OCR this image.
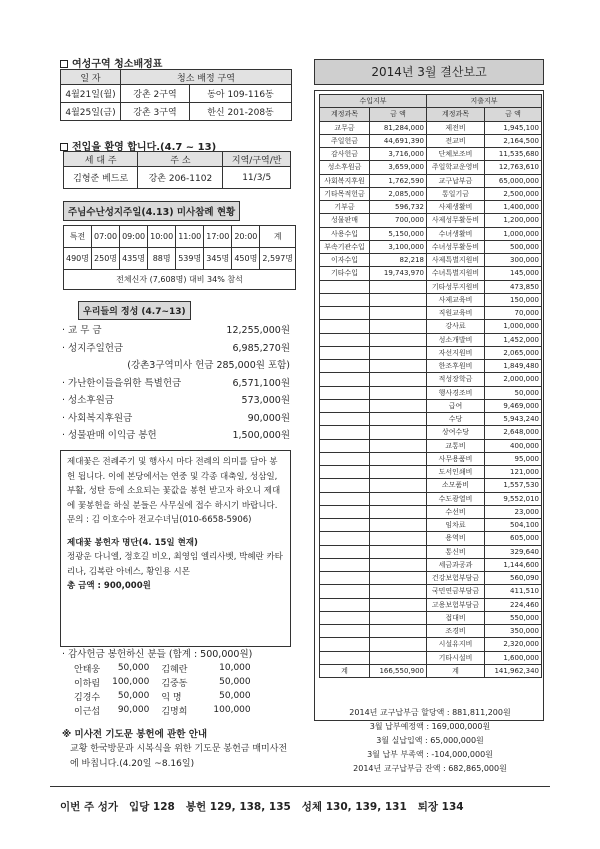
여성구역 청소배정표
일 자	청소 배정 구역	
4월21일(월)	강촌 2구역	동아 109-116동
4월25일(금)	강촌 3구역	한신 201-208동
전입을 환영 합니다.(4.7 ~ 13)
세 대 주	주 소	지역/구역/반
김형준 베드로	강촌 206-1102	11/3/5
주님수난성지주일(4.13) 미사참례 현황
특전	07:00	09:00	10:00	11:00	17:00	20:00	계
490명	250명	435명	88명	539명	345명	450명	2,597명
전체신자 (7,608명) 대비 34% 참석							
우리들의 정성 (4.7~13)
· 교 무 금	12,255,000원
· 성지주일헌금	6,985,270원
(강촌3구역미사 헌금 285,000원 포함)
· 가난한이들을위한 특별헌금	6,571,100원
· 성소후원금	573,000원
· 사회복지후원금	90,000원
· 성물판매 이익금 봉헌	1,500,000원
제대꽃은 전례주기 및 행사시 마다 전례의 의미를 담아 봉헌 됩니다. 이에 본당에서는 연중 및 각종 대축일, 성삼일, 부활, 성탄 등에 소요되는 꽃값을 봉헌 받고자 하오니 제대에 꽃봉헌을 하실 분들은 사무실에 접수 하시기 바랍니다.
문의 : 김 이호수아 전교수녀님(010-6658-5906)
제대꽃 봉헌자 명단(4. 15일 현재)
정광운 다니엘, 정호길 비오, 최영임 엘리사벳, 박혜란 카타리나, 김복란 아녜스, 황인용 시몬
총 금액 : 900,000원
· 감사헌금 봉헌하신 분들 (합계 : 500,000원)
안태웅	50,000	김혜란	10,000
이하림	100,000	김중동	50,000
김경수	50,000	익 명	50,000
이근섭	90,000	김명희	100,000
※ 미사전 기도문 봉헌에 관한 안내
교황 한국방문과 시복식을 위한 기도문 봉헌금 매미사전에 바칩니다.(4.20일 ~8.16일)
2014년 3월 결산보고
수입지부		지출지부	
계정과목	금 액	계정과목	금 액
교무금	81,284,000	제전비	1,945,100
주일헌금	44,691,390	전교비	2,164,500
감사헌금	3,716,000	단체보조비	11,535,680
성소후원금	3,659,000	주일학교운영비	12,763,610
사회복지후원	1,762,590	교구납부금	65,000,000
기타목적헌금	2,085,000	통일기금	2,500,000
기부금	596,732	사제생활비	1,400,000
성물판매	700,000	사제성무활동비	1,200,000
사용수입	5,150,000	수녀생활비	1,000,000
부속기관수입	3,100,000	수녀성무활동비	500,000
이자수입	82,218	사제특별지원비	300,000
기타수입	19,743,970	수녀특별지원비	145,000
		기타성무지원비	473,850
		사제교육비	150,000
		직원교육비	70,000
		강사료	1,000,000
		성소개발비	1,452,000
		자선지원비	2,065,000
		한조후원비	1,849,480
		적성장학금	2,000,000
		행사경조비	50,000
		급여	9,469,000
		수당	5,943,240
		상여수당	2,648,000
		교통비	400,000
		사무용품비	95,000
		도서인쇄비	121,000
		소모품비	1,557,530
		수도광열비	9,552,010
		수선비	23,000
		임차료	504,100
		용역비	605,000
		통신비	329,640
		세금과공과	1,144,600
		건강보험부담금	560,090
		국민연금부담금	411,510
		고용보험부담금	224,460
		접대비	550,000
		조경비	350,000
		시설유지비	2,320,000
		기타시설비	1,600,000
계	166,550,900	계	141,962,340
2014년 교구납부금 할당액 : 881,811,200원
3월 납부예정액 : 169,000,000원
3월 실납입액 : 65,000,000원
3월 납부 부족액 : -104,000,000원
2014년 교구납부금 잔액 : 682,865,000원
이번 주 성가   입당 128   봉헌 129, 138, 135   성체 130, 139, 131   퇴장 134
